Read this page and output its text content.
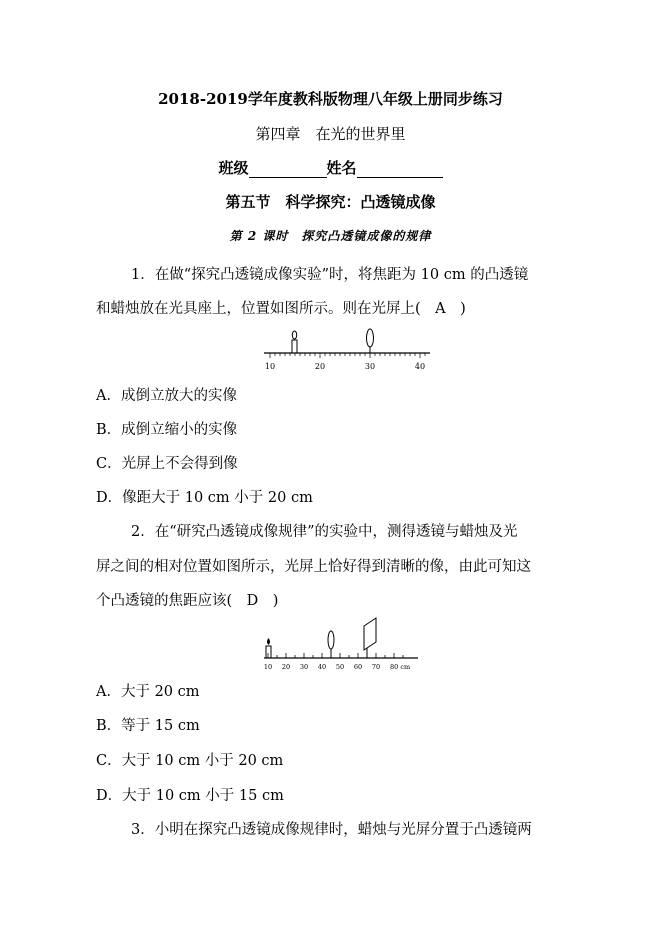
2018-2019学年度教科版物理八年级上册同步练习
第四章　在光的世界里
班级	姓名
第五节　科学探究：凸透镜成像
第 2 课时　探究凸透镜成像的规律
1．在做“探究凸透镜成像实验”时，将焦距为 10 cm 的凸透镜
和蜡烛放在光具座上，位置如图所示。则在光屏上(　A　)
10	20	30	40
A．成倒立放大的实像
B．成倒立缩小的实像
C．光屏上不会得到像
D．像距大于 10 cm 小于 20 cm
2．在“研究凸透镜成像规律”的实验中，测得透镜与蜡烛及光
屏之间的相对位置如图所示，光屏上恰好得到清晰的像，由此可知这
个凸透镜的焦距应该(　D　)
10 20 30 40 50 60 70 80 cm
A．大于 20 cm
B．等于 15 cm
C．大于 10 cm 小于 20 cm
D．大于 10 cm 小于 15 cm
3．小明在探究凸透镜成像规律时，蜡烛与光屏分置于凸透镜两
